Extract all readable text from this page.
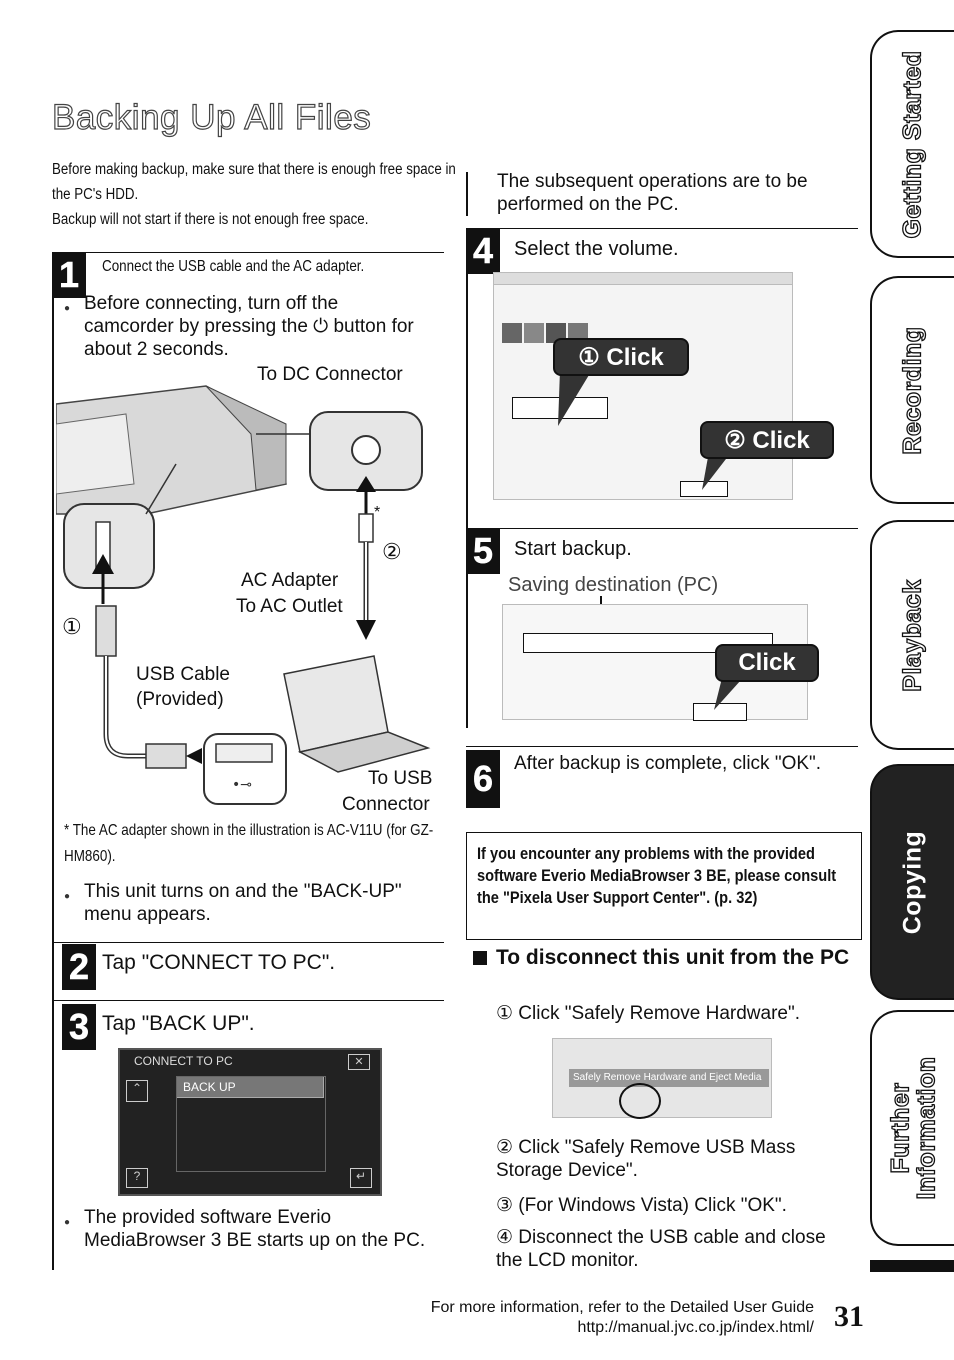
Backing Up All Files
Before making backup, make sure that there is enough free space in the PC's HDD.
Backup will not start if there is not enough free space.
1 Connect the USB cable and the AC adapter.
● Before connecting, turn off the camcorder by pressing the ⏻ button for about 2 seconds.
•⊸
To DC Connector
*
②
AC Adapter
To AC Outlet
①
USB Cable
(Provided)
To USB
Connector
* The AC adapter shown in the illustration is AC-V11U (for GZ-HM860).
● This unit turns on and the "BACK-UP" menu appears.
2 Tap "CONNECT TO PC".
3 Tap "BACK UP".
CONNECT TO PC	✕
⌃	BACK UP
?	↵
● The provided software Everio MediaBrowser 3 BE starts up on the PC.
The subsequent operations are to be performed on the PC.
4 Select the volume.
① Click
② Click
5 Start backup.
Saving destination (PC)
Click
6 After backup is complete, click "OK".
If you encounter any problems with the provided software Everio MediaBrowser 3 BE, please consult the "Pixela User Support Center". (p. 32)
To disconnect this unit from the PC
① Click "Safely Remove Hardware".
Safely Remove Hardware and Eject Media
② Click "Safely Remove USB Mass Storage Device".
③ (For Windows Vista) Click "OK".
④ Disconnect the USB cable and close the LCD monitor.
Getting Started
Recording
Playback
Copying
Further Information
For more information, refer to the Detailed User Guide
http://manual.jvc.co.jp/index.html/ 31
